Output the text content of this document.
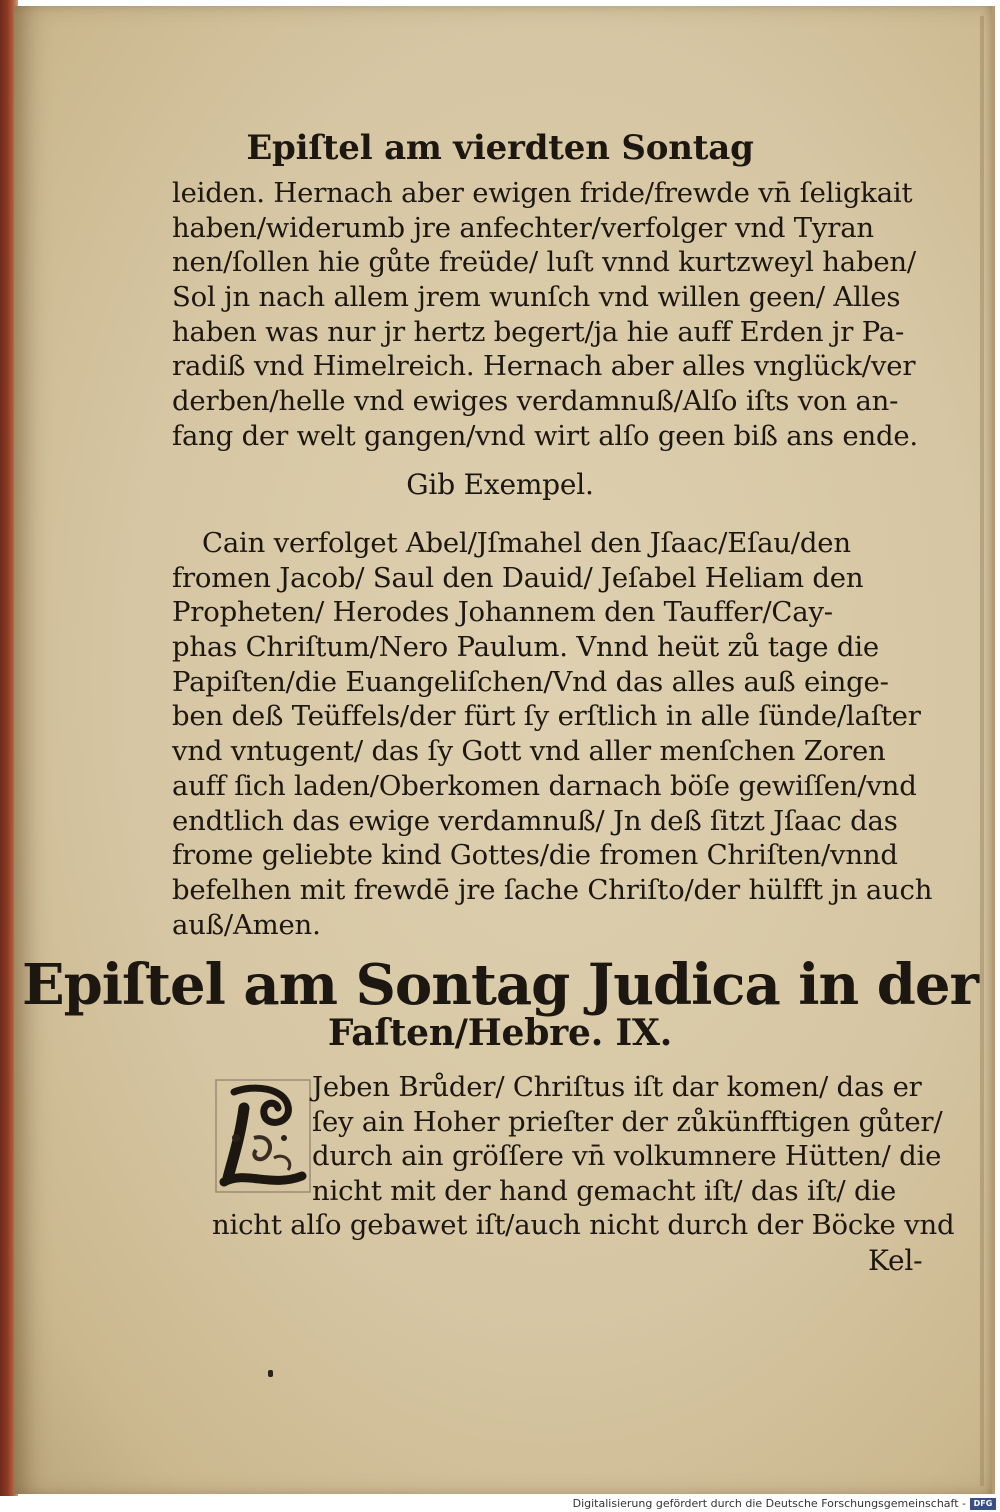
Epiſtel am vierdten Sontag
leiden. Hernach aber ewigen fride/frewde vn̄ ſeligkait
haben/widerumb jre anfechter/verfolger vnd Tyran
nen/ſollen hie gůte freüde/ luſt vnnd kurtzweyl haben/
Sol jn nach allem jrem wunſch vnd willen geen/ Alles
haben was nur jr hertz begert/ja hie auff Erden jr Pa-
radiß vnd Himelreich. Hernach aber alles vnglück/ver
derben/helle vnd ewiges verdamnuß/Alſo iſts von an-
fang der welt gangen/vnd wirt alſo geen biß ans ende.
Gib Exempel.
Cain verfolget Abel/Jſmahel den Jſaac/Eſau/den
fromen Jacob/ Saul den Dauid/ Jeſabel Heliam den
Propheten/ Herodes Johannem den Tauffer/Cay-
phas Chriſtum/Nero Paulum. Vnnd heüt zů tage die
Papiſten/die Euangeliſchen/Vnd das alles auß einge-
ben deß Teüffels/der fürt ſy erſtlich in alle ſünde/laſter
vnd vntugent/ das ſy Gott vnd aller menſchen Zoren
auff ſich laden/Oberkomen darnach böſe gewiſſen/vnd
endtlich das ewige verdamnuß/ Jn deß ſitzt Jſaac das
frome geliebte kind Gottes/die fromen Chriſten/vnnd
befelhen mit frewdē jre ſache Chriſto/der hülfft jn auch
auß/Amen.
Epiſtel am Sontag Judica in der
Faſten/Hebre. IX.
Jeben Brůder/ Chriſtus iſt dar komen/ das er
ſey ain Hoher prieſter der zůkünfftigen gůter/
durch ain gröſſere vn̄ volkumnere Hütten/ die
nicht mit der hand gemacht iſt/ das iſt/ die
nicht alſo gebawet iſt/auch nicht durch der Böcke vnd
Kel-
Digitalisierung gefördert durch die Deutsche Forschungsgemeinschaft - DFG
